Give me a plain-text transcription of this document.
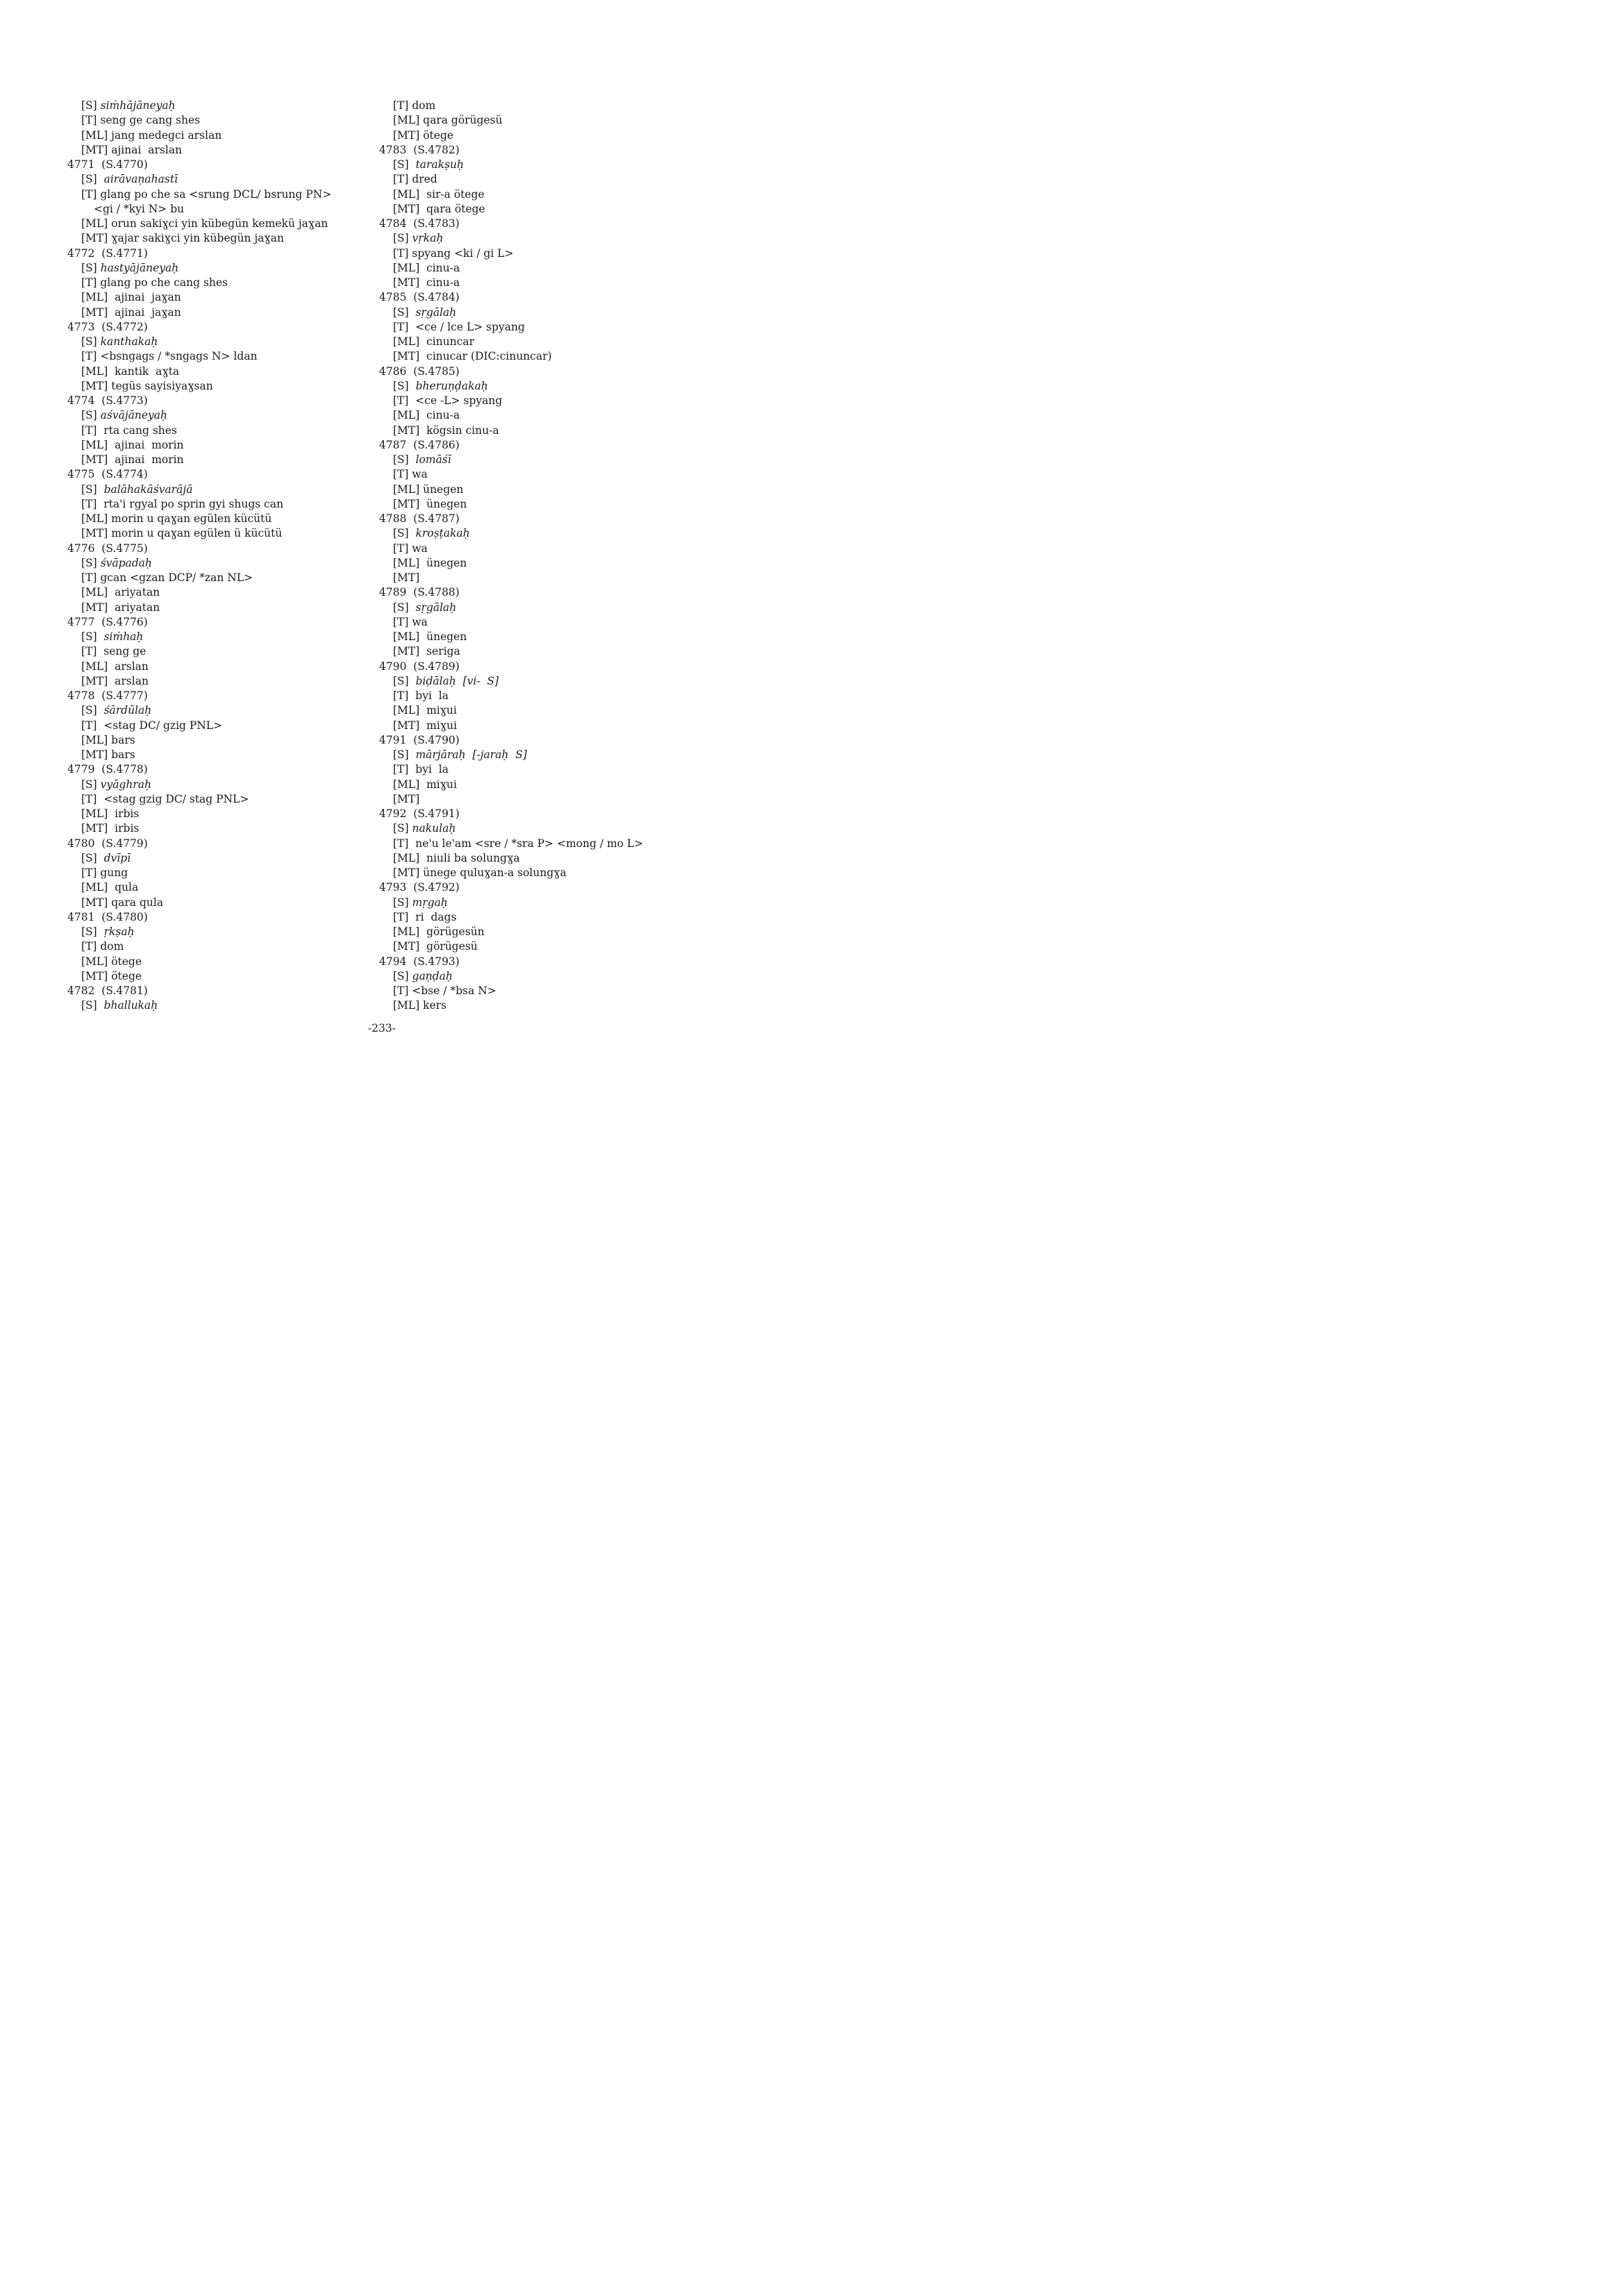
[S] siṁhājāneyaḥ
[T] seng ge cang shes
[ML] jang medegci arslan
[MT] ajinai  arslan
4771  (S.4770)
[S]  airāvaṇahastī
[T] glang po che sa <srung DCL/ bsrung PN>
<gi / *kyi N> bu
[ML] orun sakiɣci yin kübegün kemekü jaɣan
[MT] ɣajar sakiɣci yin kübegün jaɣan
4772  (S.4771)
[S] hastyājāneyaḥ
[T] glang po che cang shes
[ML]  ajinai  jaɣan
[MT]  ajinai  jaɣan
4773  (S.4772)
[S] kanthakaḥ
[T] <bsngags / *sngags N> ldan
[ML]  kantik  aɣta
[MT] tegüs sayisiyaɣsan
4774  (S.4773)
[S] aśvājāneyaḥ
[T]  rta cang shes
[ML]  ajinai  morin
[MT]  ajinai  morin
4775  (S.4774)
[S]  balāhakāśvarājā
[T]  rta'i rgyal po sprin gyi shugs can
[ML] morin u qaɣan egülen kücütü
[MT] morin u qaɣan egülen ü kücütü
4776  (S.4775)
[S] śvāpadaḥ
[T] gcan <gzan DCP/ *zan NL>
[ML]  ariyatan
[MT]  ariyatan
4777  (S.4776)
[S]  siṁhaḥ
[T]  seng ge
[ML]  arslan
[MT]  arslan
4778  (S.4777)
[S]  śārdūlaḥ
[T]  <stag DC/ gzig PNL>
[ML] bars
[MT] bars
4779  (S.4778)
[S] vyāghraḥ
[T]  <stag gzig DC/ stag PNL>
[ML]  irbis
[MT]  irbis
4780  (S.4779)
[S]  dvīpī
[T] gung
[ML]  qula
[MT] qara qula
4781  (S.4780)
[S]  ṛkṣaḥ
[T] dom
[ML] ötege
[MT] ötege
4782  (S.4781)
[S]  bhallukaḥ
[T] dom
[ML] qara görügesü
[MT] ötege
4783  (S.4782)
[S]  tarakṣuḥ
[T] dred
[ML]  sir-a ötege
[MT]  qara ötege
4784  (S.4783)
[S] vṛkaḥ
[T] spyang <ki / gi L>
[ML]  cinu-a
[MT]  cinu-a
4785  (S.4784)
[S]  sṛgālaḥ
[T]  <ce / lce L> spyang
[ML]  cinuncar
[MT]  cinucar (DIC:cinuncar)
4786  (S.4785)
[S]  bheruṇḍakaḥ
[T]  <ce -L> spyang
[ML]  cinu-a
[MT]  kögsin cinu-a
4787  (S.4786)
[S]  lomāśī
[T] wa
[ML] ünegen
[MT]  ünegen
4788  (S.4787)
[S]  kroṣṭakaḥ
[T] wa
[ML]  ünegen
[MT]
4789  (S.4788)
[S]  sṛgālaḥ
[T] wa
[ML]  ünegen
[MT]  seriga
4790  (S.4789)
[S]  biḍālaḥ  [vi-  S]
[T]  byi  la
[ML]  miɣui
[MT]  miɣui
4791  (S.4790)
[S]  mārjāraḥ  [-jaraḥ  S]
[T]  byi  la
[ML]  miɣui
[MT]
4792  (S.4791)
[S] nakulaḥ
[T]  ne'u le'am <sre / *sra P> <mong / mo L>
[ML]  niuli ba solungɣa
[MT] ünege quluɣan-a solungɣa
4793  (S.4792)
[S] mṛgaḥ
[T]  ri  dags
[ML]  görügesün
[MT]  görügesü
4794  (S.4793)
[S] gaṇḍaḥ
[T] <bse / *bsa N>
[ML] kers
-233-
